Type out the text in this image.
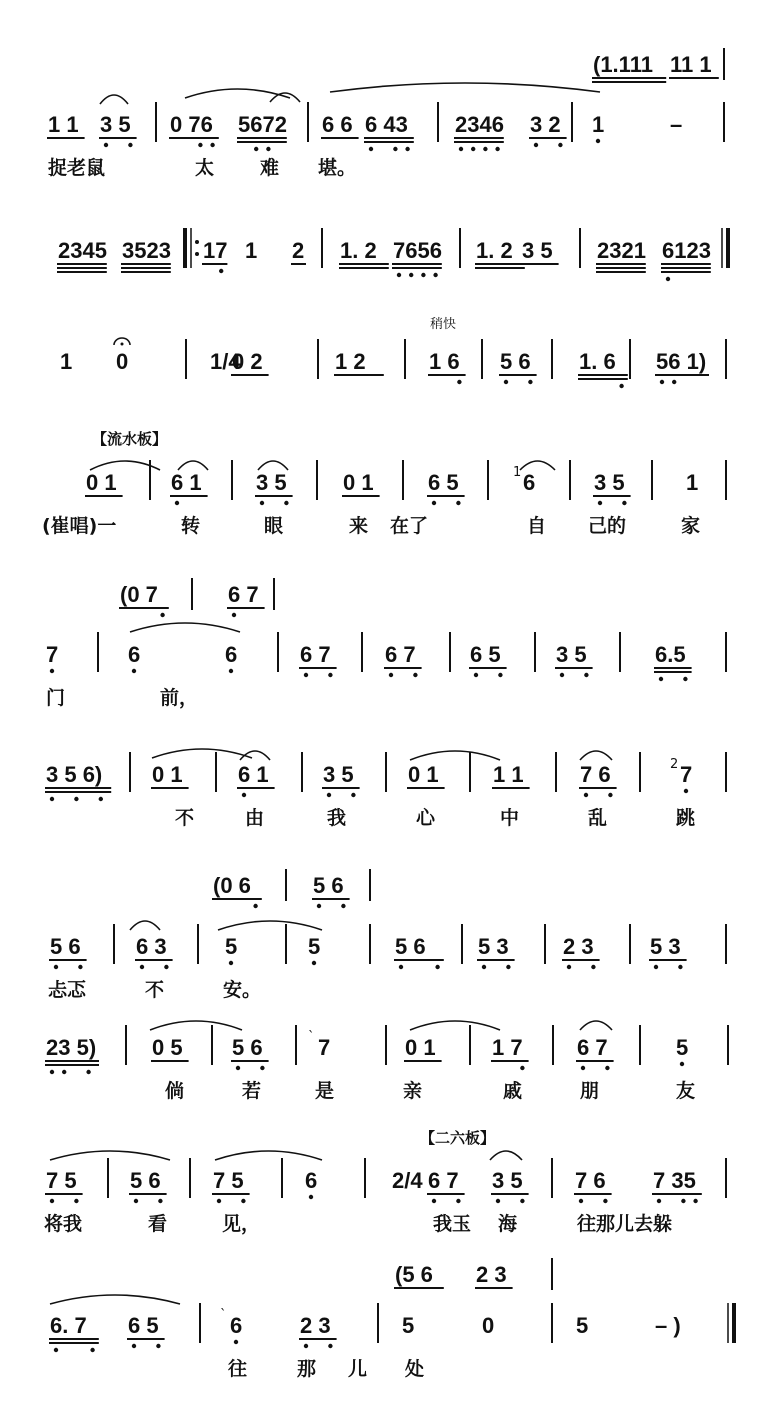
1 1 3 5 0 76 5672 6 6 6 43 2346 3 2 1	–
捉老鼠	太 难 堪。
(1.111 11 1
2345 3523 17 1 2 1. 2 7656 1. 2 3 5 2321 6123
稍快
1 0	1/4
0 2	1 2	1 6 5 6 1. 6 56 1)
【流水板】
0 1 6 1 3 5	0 1 6 5	6
1	3 5	1
(崔唱)一	转	眼	来 在了	自 己的	家
7	6	6	6 7 6 7 6 5	3 5	6.5
门	前，
(0 7	6 7
3 5 6) 0 1	6 1 3 5 0 1 1 1	7 6	7
2
不	由	我	心	中	乱	跳
5 6	6 3	5	5	5 6 5 3 2 3	5 3
忐忑	不	安。
(0 6	5 6
23 5)	0 5 5 6	7
ˋ	0 1	1 7 6 7	5
倘	若	是	亲	戚	朋	友
【二六板】
7 5 5 6 7 5	6	2/4 6 7 3 5 7 6 7 35
将我	看	见，	我玉 海	往那儿去躲
6. 7 6 5	6
ˋ	2 3	5	0	5	– )
往	那 儿 处
(5 6 2 3
